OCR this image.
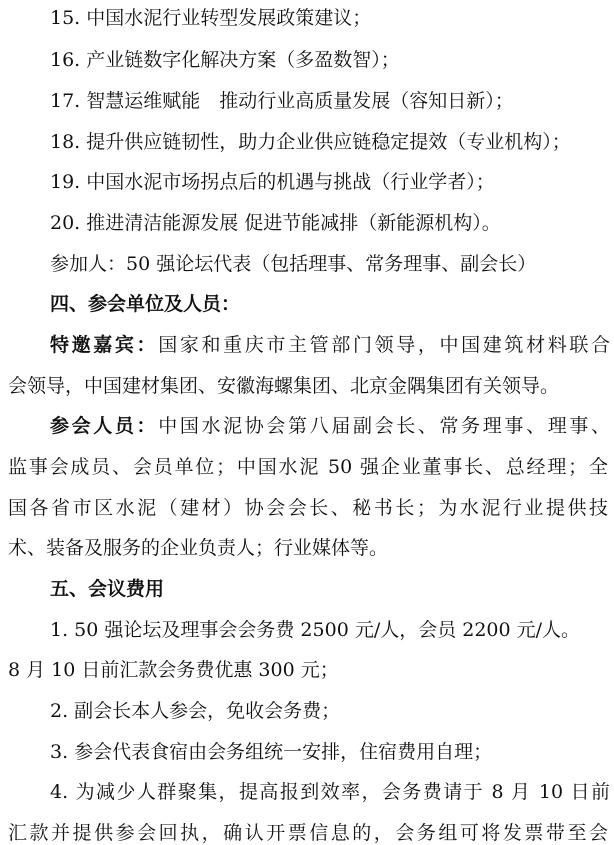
15. 中国水泥行业转型发展政策建议；
16. 产业链数字化解决方案（多盈数智）；
17. 智慧运维赋能　推动行业高质量发展（容知日新）；
18. 提升供应链韧性，助力企业供应链稳定提效（专业机构）；
19. 中国水泥市场拐点后的机遇与挑战（行业学者）；
20. 推进清洁能源发展 促进节能减排（新能源机构）。
参加人：50 强论坛代表（包括理事、常务理事、副会长）
四、参会单位及人员：
特邀嘉宾：国家和重庆市主管部门领导，中国建筑材料联合
会领导，中国建材集团、安徽海螺集团、北京金隅集团有关领导。
参会人员：中国水泥协会第八届副会长、常务理事、理事、
监事会成员、会员单位；中国水泥 50 强企业董事长、总经理；全
国各省市区水泥（建材）协会会长、秘书长；为水泥行业提供技
术、装备及服务的企业负责人；行业媒体等。
五、会议费用
1. 50 强论坛及理事会会务费 2500 元/人，会员 2200 元/人。
8 月 10 日前汇款会务费优惠 300 元；
2. 副会长本人参会，免收会务费；
3. 参会代表食宿由会务组统一安排，住宿费用自理；
4. 为减少人群聚集，提高报到效率，会务费请于 8 月 10 日前
汇款并提供参会回执，确认开票信息的，会务组可将发票带至会
